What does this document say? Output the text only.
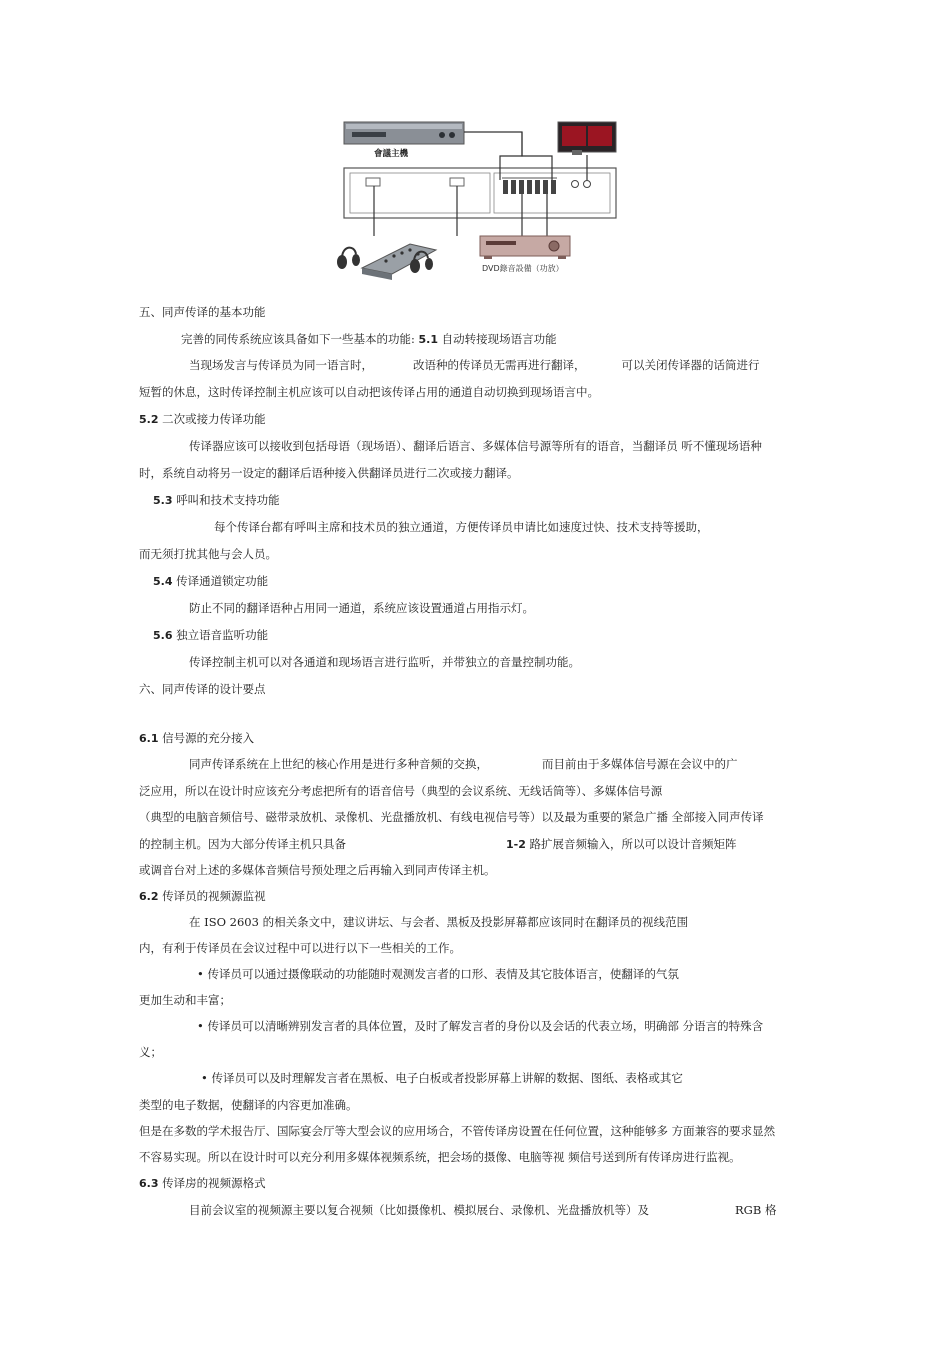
會議主機
DVD錄音設備（功放）
五、同声传译的基本功能
完善的同传系统应该具备如下一些基本的功能: 5.1 自动转接现场语言功能
当现场发言与传译员为同一语言时，	改语种的传译员无需再进行翻译，	可以关闭传译器的话筒进行
短暂的休息，这时传译控制主机应该可以自动把该传译占用的通道自动切换到现场语言中。
5.2 二次或接力传译功能
传译器应该可以接收到包括母语（现场语）、翻译后语言、多媒体信号源等所有的语音，当翻译员 听不懂现场语种
时，系统自动将另一设定的翻译后语种接入供翻译员进行二次或接力翻译。
5.3 呼叫和技术支持功能
每个传译台都有呼叫主席和技术员的独立通道，方便传译员申请比如速度过快、技术支持等援助，
而无须打扰其他与会人员。
5.4 传译通道锁定功能
防止不同的翻译语种占用同一通道，系统应该设置通道占用指示灯。
5.6 独立语音监听功能
传译控制主机可以对各通道和现场语言进行监听，并带独立的音量控制功能。
六、同声传译的设计要点
6.1 信号源的充分接入
同声传译系统在上世纪的核心作用是进行多种音频的交换，	而目前由于多媒体信号源在会议中的广
泛应用，所以在设计时应该充分考虑把所有的语音信号（典型的会议系统、无线话筒等）、多媒体信号源
（典型的电脑音频信号、磁带录放机、录像机、光盘播放机、有线电视信号等）以及最为重要的紧急广播 全部接入同声传译
的控制主机。因为大部分传译主机只具备	1-2 路扩展音频输入，所以可以设计音频矩阵
或调音台对上述的多媒体音频信号预处理之后再输入到同声传译主机。
6.2 传译员的视频源监视
在 ISO 2603 的相关条文中，建议讲坛、与会者、黑板及投影屏幕都应该同时在翻译员的视线范围
内，有利于传译员在会议过程中可以进行以下一些相关的工作。
• 传译员可以通过摄像联动的功能随时观测发言者的口形、表情及其它肢体语言，使翻译的气氛
更加生动和丰富；
• 传译员可以清晰辨别发言者的具体位置，及时了解发言者的身份以及会话的代表立场，明确部 分语言的特殊含
义；
• 传译员可以及时理解发言者在黑板、电子白板或者投影屏幕上讲解的数据、图纸、表格或其它
类型的电子数据，使翻译的内容更加准确。
但是在多数的学术报告厅、国际宴会厅等大型会议的应用场合，不管传译房设置在任何位置，这种能够多 方面兼容的要求显然
不容易实现。所以在设计时可以充分利用多媒体视频系统，把会场的摄像、电脑等视 频信号送到所有传译房进行监视。
6.3 传译房的视频源格式
目前会议室的视频源主要以复合视频（比如摄像机、模拟展台、录像机、光盘播放机等）及	RGB 格
